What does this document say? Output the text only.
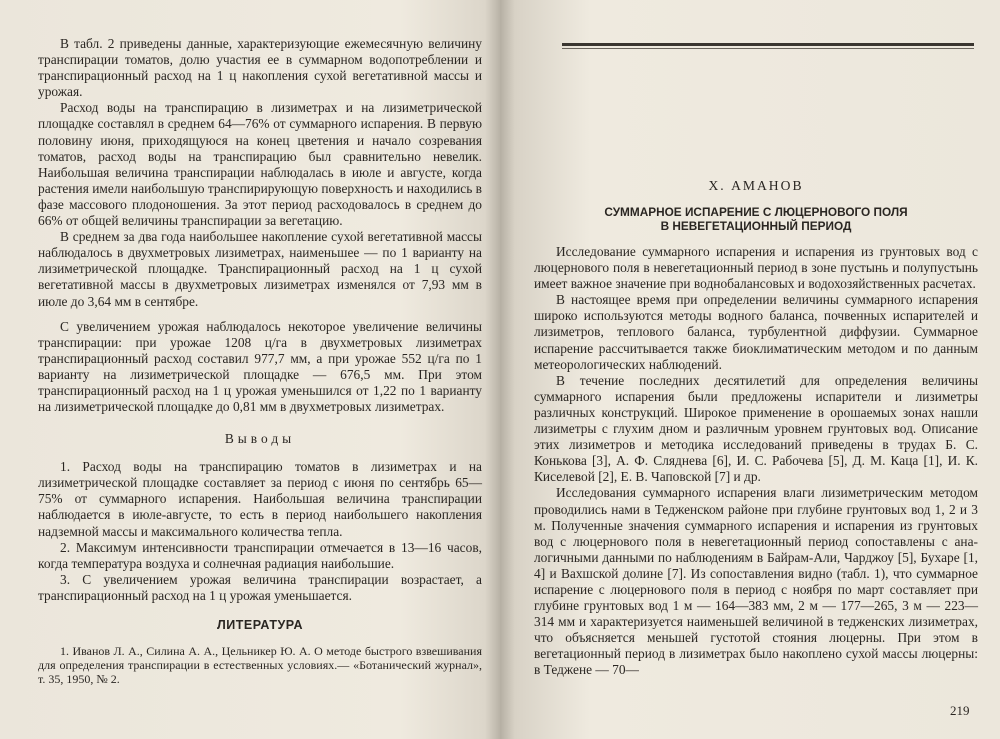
В табл. 2 приведены данные, характеризующие ежемесячную величину транспирации томатов, долю участия ее в суммарном водопотреблении и транспирационный расход на 1 ц накопления сухой вегетативной массы и урожая.

Расход воды на транспирацию в лизиметрах и на лизиметрической площадке составлял в среднем 64—76% от суммарного испарения. В первую половину июня, приходящуюся на конец цветения и начало созревания томатов, расход воды на транспирацию был сравнительно невелик. Наибольшая величина транспирации наблюдалась в июле и августе, когда растения имели наибольшую транспирирующую поверхность и находились в фазе массового плодоношения. За этот период расходовалось в среднем до 66% от общей величины транспирации за вегетацию.

В среднем за два года наибольшее накопление сухой вегетативной массы наблюдалось в двухметровых лизиметрах, наименьшее — по 1 варианту на лизиметрической площадке. Транспирационный расход на 1 ц сухой вегетативной массы в двухметровых лизиметрах изменялся от 7,93 мм в июле до 3,64 мм в сентябре.

С увеличением урожая наблюдалось некоторое увеличение величины транспирации: при урожае 1208 ц/га в двухметровых лизиметрах транспирационный расход составил 977,7 мм, а при урожае 552 ц/га по 1 варианту на лизиметрической площадке — 676,5 мм. При этом транспирационный расход на 1 ц урожая уменьшился от 1,22 по 1 варианту на лизиметрической площадке до 0,81 мм в двухметровых лизиметрах.

Выводы

1. Расход воды на транспирацию томатов в лизиметрах и на лизиметрической площадке составляет за период с июня по сентябрь 65—75% от суммарного испарения. Наибольшая величина транспирации наблюдается в июле-августе, то есть в период наибольшего накопления надземной массы и максимального количества тепла.

2. Максимум интенсивности транспирации отмечается в 13—16 часов, когда температура воздуха и солнечная радиация наибольшие.

3. С увеличением урожая величина транспирации возрастает, а транспирационный расход на 1 ц урожая уменьшается.

ЛИТЕРАТУРА

1. Иванов Л. А., Силина А. А., Цельникер Ю. А. О методе быстрого взвешивания для определения транспирации в естественных условиях.— «Ботанический журнал», т. 35, 1950, № 2.

Х. АМАНОВ
СУММАРНОЕ ИСПАРЕНИЕ С ЛЮЦЕРНОВОГО ПОЛЯ
В НЕВЕГЕТАЦИОННЫЙ ПЕРИОД

Исследование суммарного испарения и испарения из грунтовых вод с люцернового поля в невегетационный период в зоне пустынь и полупустынь имеет важное значение при воднобалансовых и водохозяйственных расчетах.

В настоящее время при определении величины суммарного испарения широко используются методы водного баланса, почвенных испарителей и лизиметров, теплового баланса, турбулентной диффузии. Суммарное испарение рассчитывается также биоклиматическим методом и по данным метеорологических наблюдений.

В течение последних десятилетий для определения величины суммарного испарения были предложены испарители и лизиметры различных конструкций. Широкое применение в орошаемых зонах нашли лизиметры с глухим дном и различным уровнем грунтовых вод. Описание этих лизиметров и методика исследований приведены в трудах Б. С. Конькова [3], А. Ф. Слядневa [6], И. С. Рабочева [5], Д. М. Каца [1], И. К. Киселевой [2], Е. В. Чаповской [7] и др.

Исследования суммарного испарения влаги лизиметрическим методом проводились нами в Тедженском районе при глубине грунтовых вод 1, 2 и 3 м. Полученные значения суммарного испарения и испарения из грунтовых вод с люцернового поля в невегетационный период сопоставлены с аналогичными данными по наблюдениям в Байрам-Али, Чарджоу [5], Бухаре [1, 4] и Вахшской долине [7]. Из сопоставления видно (табл. 1), что суммарное испарение с люцернового поля в период с ноября по март составляет при глубине грунтовых вод 1 м — 164—383 мм, 2 м — 177—265, 3 м — 223— 314 мм и характеризуется наименьшей величиной в тедженских лизиметрах, что объясняется меньшей густотой стояния люцерны. При этом в вегетационный период в лизиметрах было накоплено сухой массы люцерны: в Теджене — 70—

219
